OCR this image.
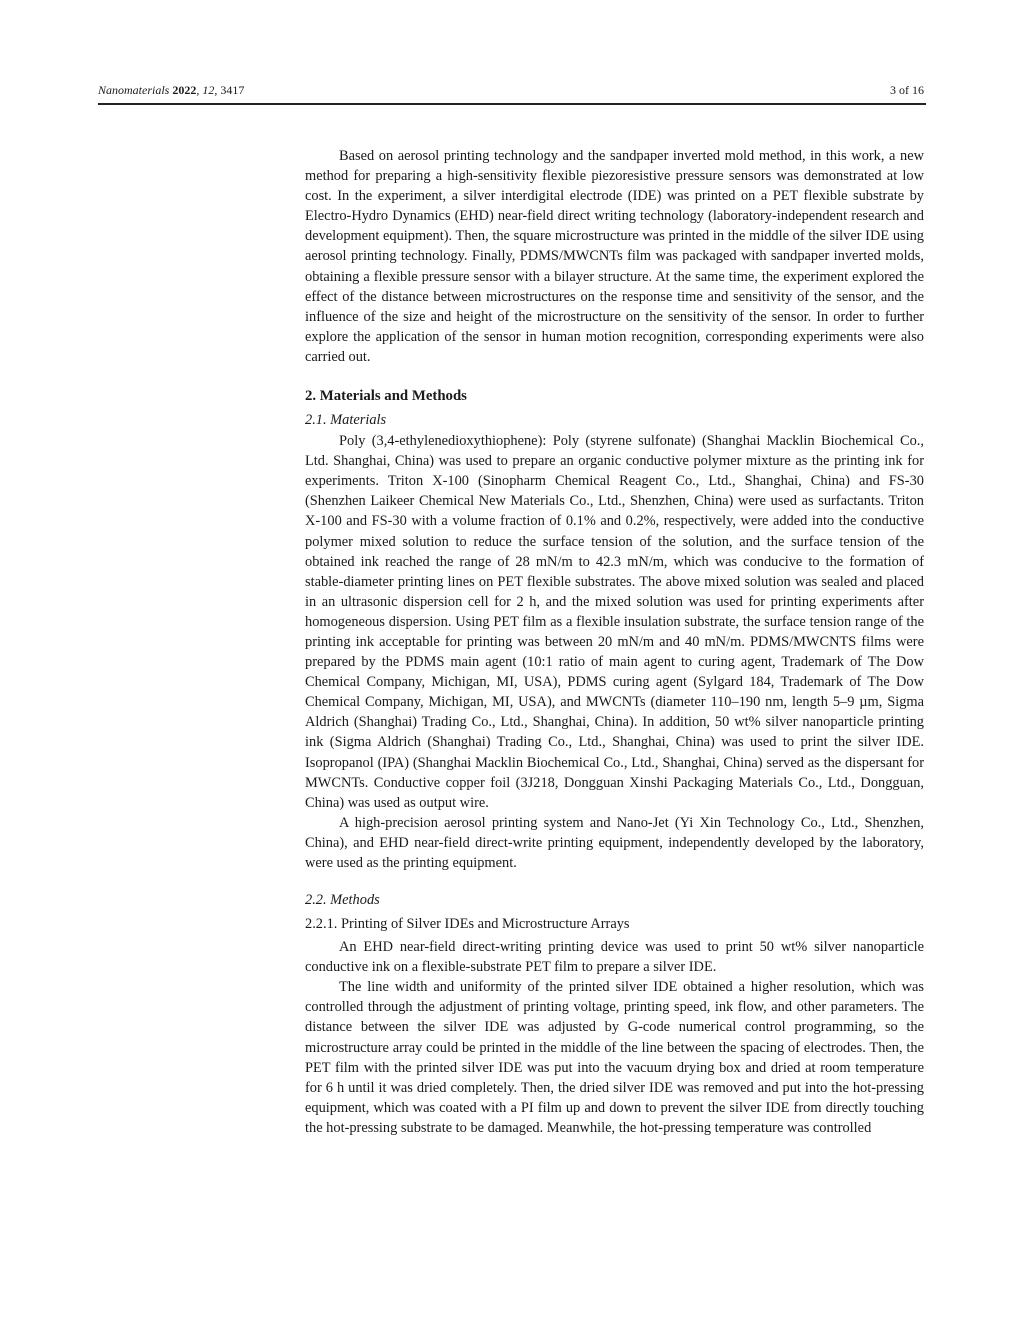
Nanomaterials 2022, 12, 3417	3 of 16

Based on aerosol printing technology and the sandpaper inverted mold method, in this work, a new method for preparing a high-sensitivity flexible piezoresistive pressure sensors was demonstrated at low cost. In the experiment, a silver interdigital electrode (IDE) was printed on a PET flexible substrate by Electro-Hydro Dynamics (EHD) near-field direct writing technology (laboratory-independent research and development equipment). Then, the square microstructure was printed in the middle of the silver IDE using aerosol printing technology. Finally, PDMS/MWCNTs film was packaged with sandpaper inverted molds, obtaining a flexible pressure sensor with a bilayer structure. At the same time, the experiment explored the effect of the distance between microstructures on the response time and sensitivity of the sensor, and the influence of the size and height of the microstructure on the sensitivity of the sensor. In order to further explore the application of the sensor in human motion recognition, corresponding experiments were also carried out.

2. Materials and Methods
2.1. Materials

Poly (3,4-ethylenedioxythiophene): Poly (styrene sulfonate) (Shanghai Macklin Biochemical Co., Ltd. Shanghai, China) was used to prepare an organic conductive polymer mixture as the printing ink for experiments. Triton X-100 (Sinopharm Chemical Reagent Co., Ltd., Shanghai, China) and FS-30 (Shenzhen Laikeer Chemical New Materials Co., Ltd., Shenzhen, China) were used as surfactants. Triton X-100 and FS-30 with a volume fraction of 0.1% and 0.2%, respectively, were added into the conductive polymer mixed solution to reduce the surface tension of the solution, and the surface tension of the obtained ink reached the range of 28 mN/m to 42.3 mN/m, which was conducive to the formation of stable-diameter printing lines on PET flexible substrates. The above mixed solution was sealed and placed in an ultrasonic dispersion cell for 2 h, and the mixed solution was used for printing experiments after homogeneous dispersion. Using PET film as a flexible insulation substrate, the surface tension range of the printing ink acceptable for printing was between 20 mN/m and 40 mN/m. PDMS/MWCNTS films were prepared by the PDMS main agent (10:1 ratio of main agent to curing agent, Trademark of The Dow Chemical Company, Michigan, MI, USA), PDMS curing agent (Sylgard 184, Trademark of The Dow Chemical Company, Michigan, MI, USA), and MWCNTs (diameter 110–190 nm, length 5–9 µm, Sigma Aldrich (Shanghai) Trading Co., Ltd., Shanghai, China). In addition, 50 wt% silver nanoparticle printing ink (Sigma Aldrich (Shanghai) Trading Co., Ltd., Shanghai, China) was used to print the silver IDE. Isopropanol (IPA) (Shanghai Macklin Biochemical Co., Ltd., Shanghai, China) served as the dispersant for MWCNTs. Conductive copper foil (3J218, Dongguan Xinshi Packaging Materials Co., Ltd., Dongguan, China) was used as output wire.

A high-precision aerosol printing system and Nano-Jet (Yi Xin Technology Co., Ltd., Shenzhen, China), and EHD near-field direct-write printing equipment, independently developed by the laboratory, were used as the printing equipment.

2.2. Methods
2.2.1. Printing of Silver IDEs and Microstructure Arrays

An EHD near-field direct-writing printing device was used to print 50 wt% silver nanoparticle conductive ink on a flexible-substrate PET film to prepare a silver IDE.

The line width and uniformity of the printed silver IDE obtained a higher resolution, which was controlled through the adjustment of printing voltage, printing speed, ink flow, and other parameters. The distance between the silver IDE was adjusted by G-code numerical control programming, so the microstructure array could be printed in the middle of the line between the spacing of electrodes. Then, the PET film with the printed silver IDE was put into the vacuum drying box and dried at room temperature for 6 h until it was dried completely. Then, the dried silver IDE was removed and put into the hot-pressing equipment, which was coated with a PI film up and down to prevent the silver IDE from directly touching the hot-pressing substrate to be damaged. Meanwhile, the hot-pressing temperature was controlled
